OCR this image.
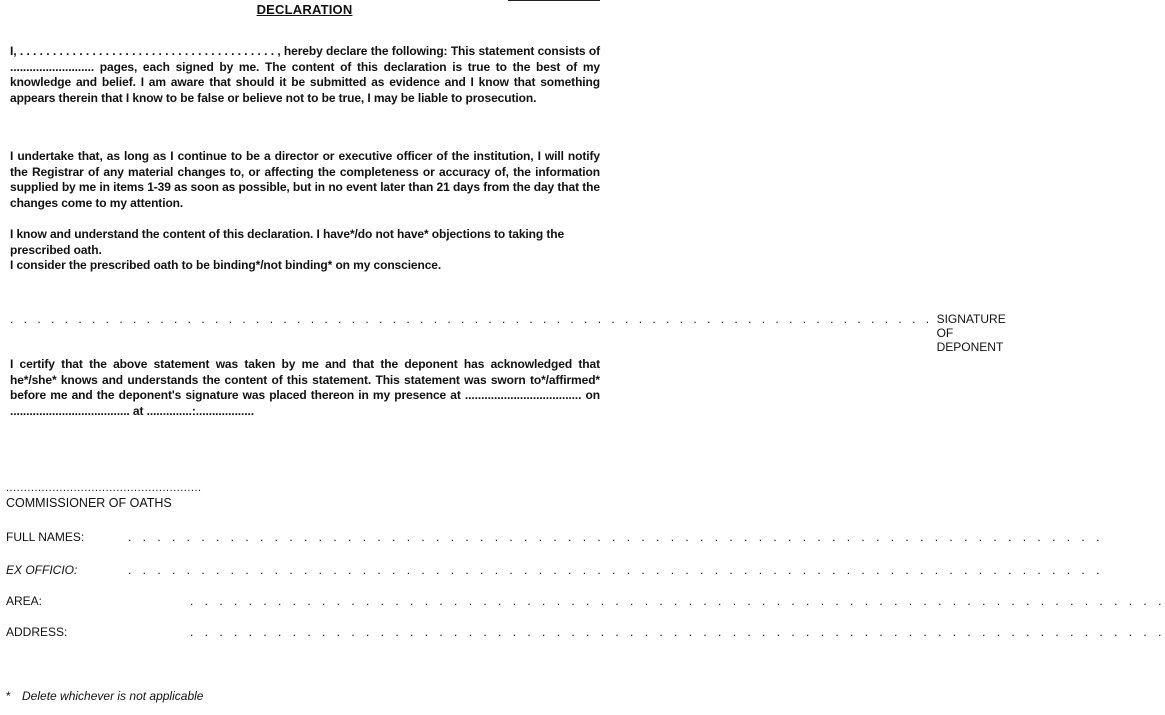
DECLARATION
I, . . . . . . . . . . . . . . . . . . . . . . . . . . . . . . . . . . . . . . . , hereby declare the following: This statement consists of .......................... pages, each signed by me. The content of this declaration is true to the best of my knowledge and belief. I am aware that should it be submitted as evidence and I know that something appears therein that I know to be false or believe not to be true, I may be liable to prosecution.
I undertake that, as long as I continue to be a director or executive officer of the institution, I will notify the Registrar of any material changes to, or affecting the completeness or accuracy of, the information supplied by me in items 1-39 as soon as possible, but in no event later than 21 days from the day that the changes come to my attention.
I know and understand the content of this declaration. I have*/do not have* objections to taking the prescribed oath.
I consider the prescribed oath to be binding*/not binding* on my conscience.
. . . . . . . . . . . . . . . . . . . . . . . . . . . . . . . . . . . . . . . . . . . . . . . . . . . . . . . . . . . . . . . . . . . . SIGNATURE OF DEPONENT
I certify that the above statement was taken by me and that the deponent has acknowledged that he*/she* knows and understands the content of this statement. This statement was sworn to*/affirmed* before me and the deponent's signature was placed thereon in my presence at .................................... on ..................................... at ..............:..................
.......................................................
COMMISSIONER OF OATHS
FULL NAMES:	. . . . . . . . . . . . . . . . . . . . . . . . . . . . . . . . . . . . . . . . . . . . . . . . . . . . . . . . . . . . . . . . . . .
EX OFFICIO:	. . . . . . . . . . . . . . . . . . . . . . . . . . . . . . . . . . . . . . . . . . . . . . . . . . . . . . . . . . . . . . . . . . .
AREA:	. . . . . . . . . . . . . . . . . . . . . . . . . . . . . . . . . . . . . . . . . . . . . . . . . . . . . . . . . . . . . . . . . . .
ADDRESS:	. . . . . . . . . . . . . . . . . . . . . . . . . . . . . . . . . . . . . . . . . . . . . . . . . . . . . . . . . . . . . . . . . . .
* Delete whichever is not applicable
